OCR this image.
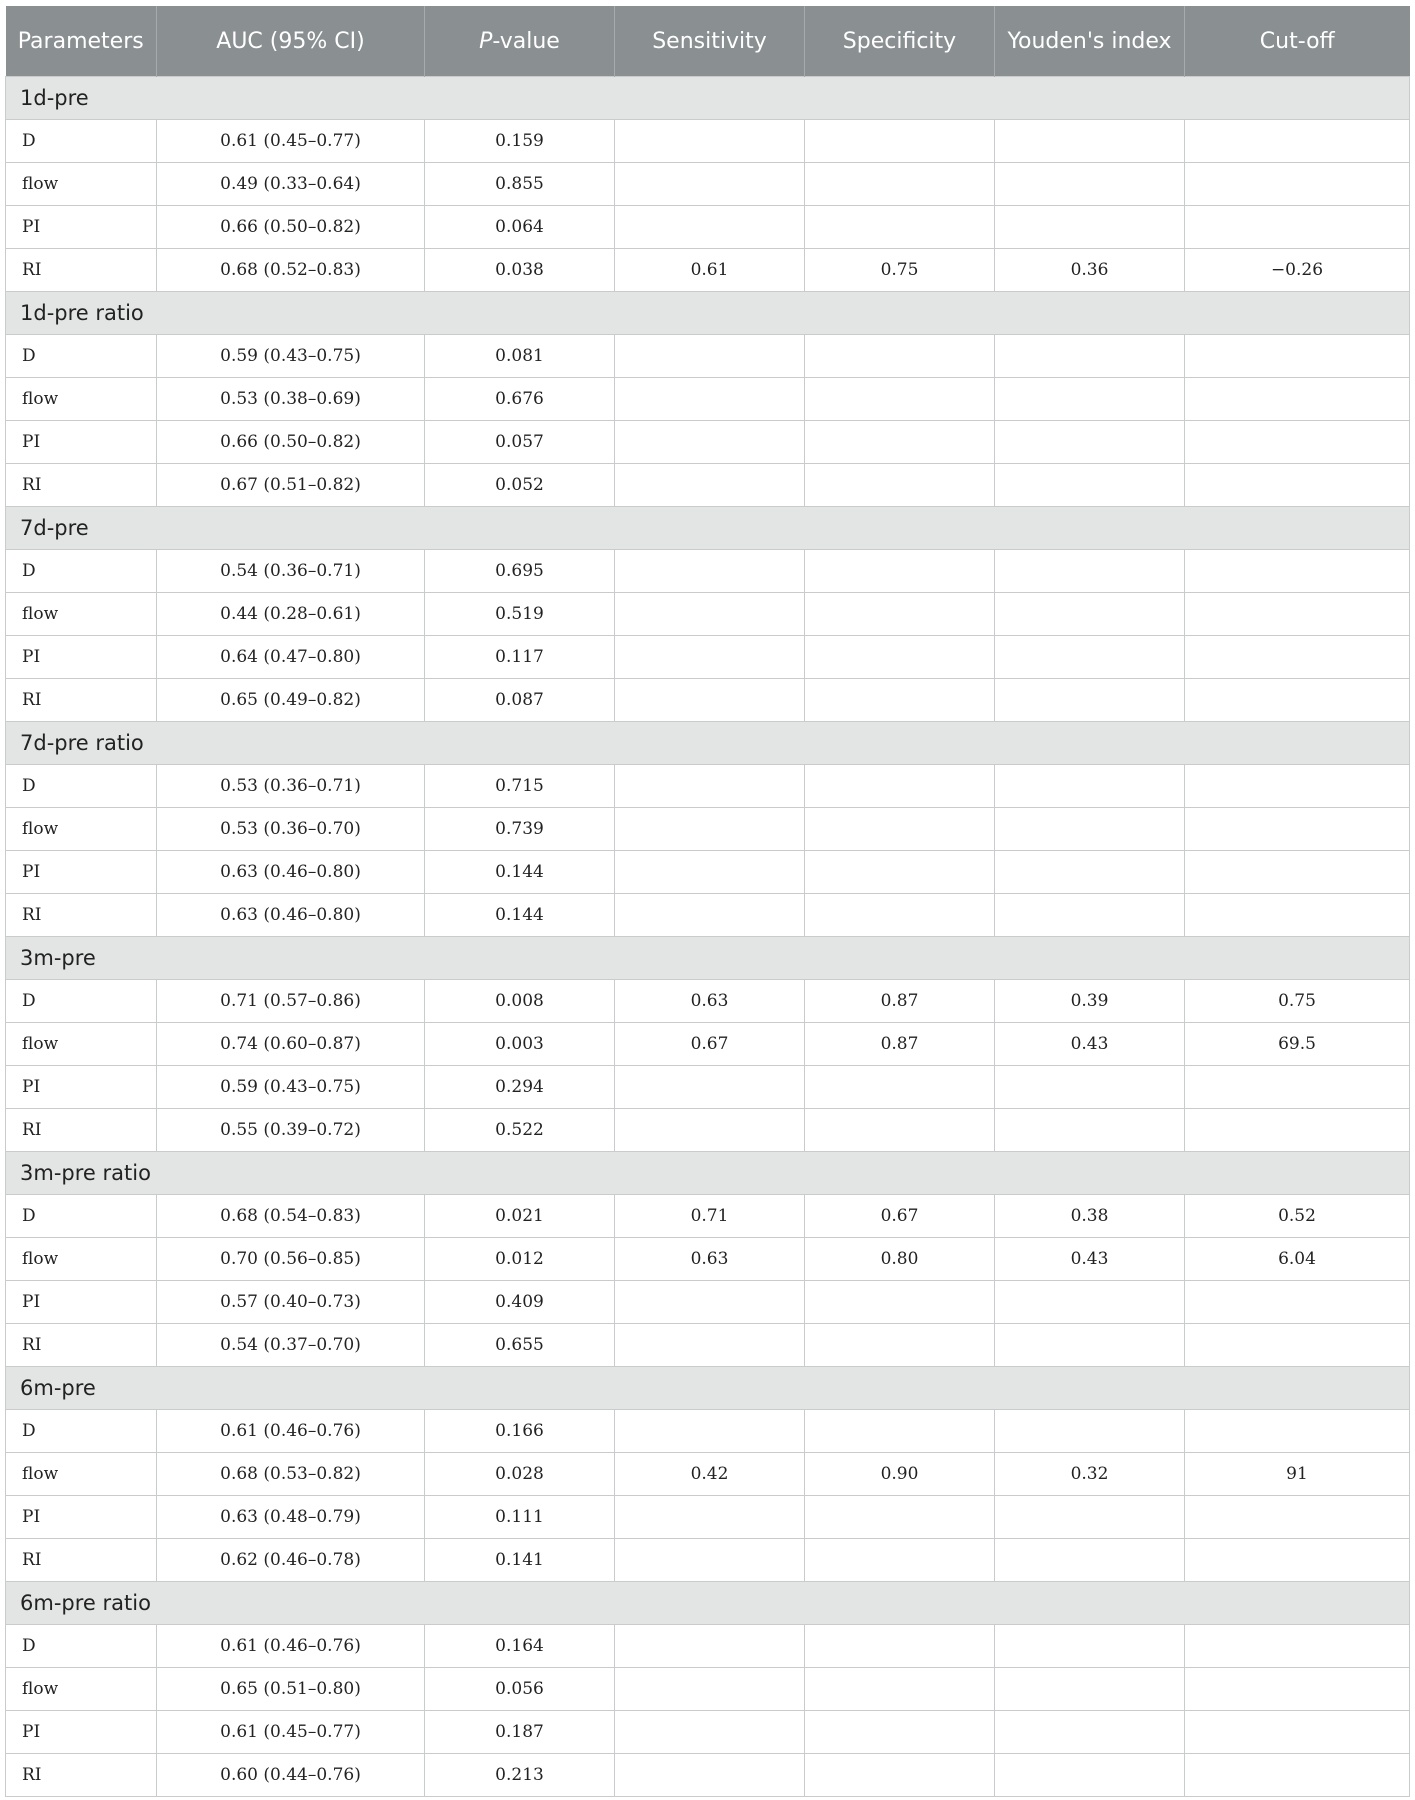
Parameters	AUC (95% CI)	P-value	Sensitivity	Specificity	Youden's index	Cut-off
1d-pre						
D	0.61 (0.45–0.77)	0.159				
flow	0.49 (0.33–0.64)	0.855				
PI	0.66 (0.50–0.82)	0.064				
RI	0.68 (0.52–0.83)	0.038	0.61	0.75	0.36	−0.26
1d-pre ratio						
D	0.59 (0.43–0.75)	0.081				
flow	0.53 (0.38–0.69)	0.676				
PI	0.66 (0.50–0.82)	0.057				
RI	0.67 (0.51–0.82)	0.052				
7d-pre						
D	0.54 (0.36–0.71)	0.695				
flow	0.44 (0.28–0.61)	0.519				
PI	0.64 (0.47–0.80)	0.117				
RI	0.65 (0.49–0.82)	0.087				
7d-pre ratio						
D	0.53 (0.36–0.71)	0.715				
flow	0.53 (0.36–0.70)	0.739				
PI	0.63 (0.46–0.80)	0.144				
RI	0.63 (0.46–0.80)	0.144				
3m-pre						
D	0.71 (0.57–0.86)	0.008	0.63	0.87	0.39	0.75
flow	0.74 (0.60–0.87)	0.003	0.67	0.87	0.43	69.5
PI	0.59 (0.43–0.75)	0.294				
RI	0.55 (0.39–0.72)	0.522				
3m-pre ratio						
D	0.68 (0.54–0.83)	0.021	0.71	0.67	0.38	0.52
flow	0.70 (0.56–0.85)	0.012	0.63	0.80	0.43	6.04
PI	0.57 (0.40–0.73)	0.409				
RI	0.54 (0.37–0.70)	0.655				
6m-pre						
D	0.61 (0.46–0.76)	0.166				
flow	0.68 (0.53–0.82)	0.028	0.42	0.90	0.32	91
PI	0.63 (0.48–0.79)	0.111				
RI	0.62 (0.46–0.78)	0.141				
6m-pre ratio						
D	0.61 (0.46–0.76)	0.164				
flow	0.65 (0.51–0.80)	0.056				
PI	0.61 (0.45–0.77)	0.187				
RI	0.60 (0.44–0.76)	0.213				
